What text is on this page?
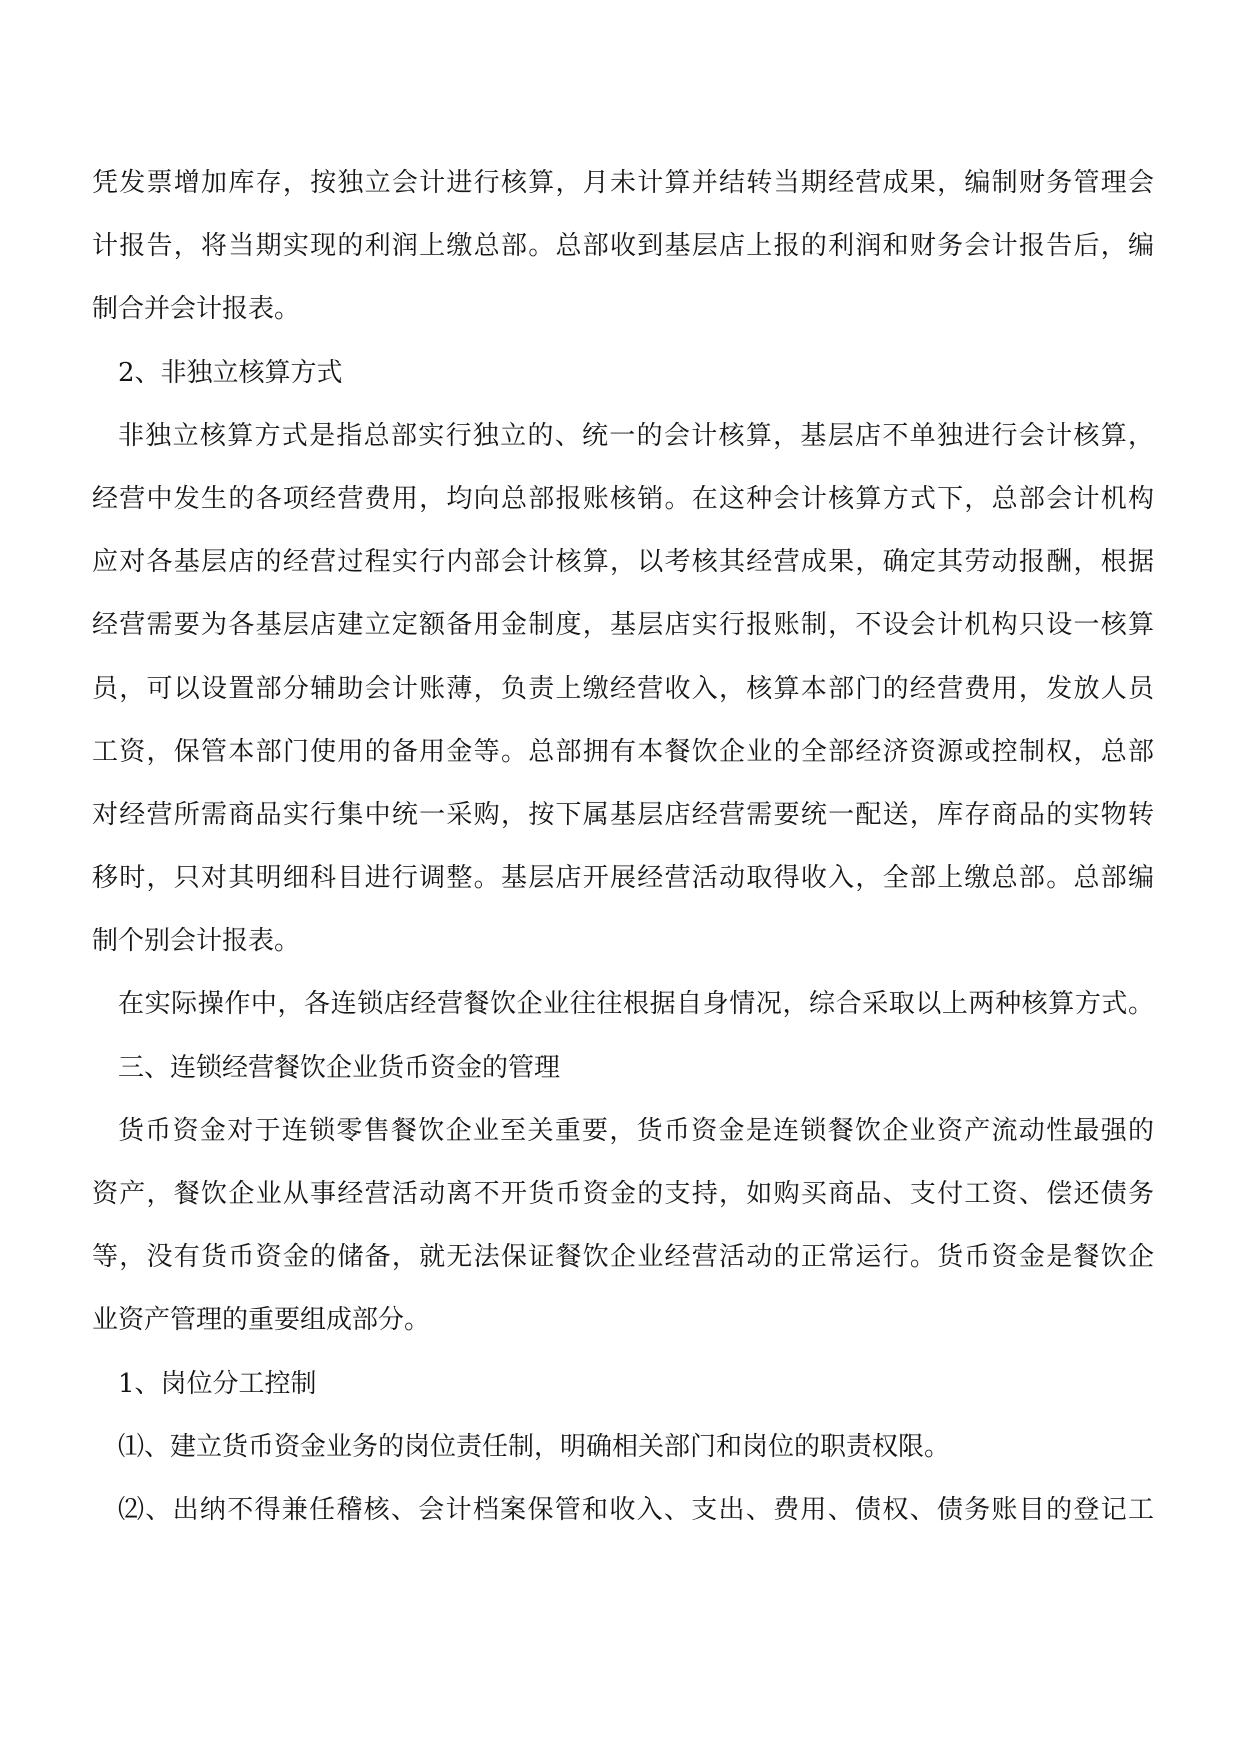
凭发票增加库存，按独立会计进行核算，月未计算并结转当期经营成果，编制财务管理会
计报告，将当期实现的利润上缴总部。总部收到基层店上报的利润和财务会计报告后，编
制合并会计报表。
2、非独立核算方式
非独立核算方式是指总部实行独立的、统一的会计核算，基层店不单独进行会计核算，
经营中发生的各项经营费用，均向总部报账核销。在这种会计核算方式下，总部会计机构
应对各基层店的经营过程实行内部会计核算，以考核其经营成果，确定其劳动报酬，根据
经营需要为各基层店建立定额备用金制度，基层店实行报账制，不设会计机构只设一核算
员，可以设置部分辅助会计账薄，负责上缴经营收入，核算本部门的经营费用，发放人员
工资，保管本部门使用的备用金等。总部拥有本餐饮企业的全部经济资源或控制权，总部
对经营所需商品实行集中统一采购，按下属基层店经营需要统一配送，库存商品的实物转
移时，只对其明细科目进行调整。基层店开展经营活动取得收入，全部上缴总部。总部编
制个别会计报表。
在实际操作中，各连锁店经营餐饮企业往往根据自身情况，综合采取以上两种核算方式。
三、连锁经营餐饮企业货币资金的管理
货币资金对于连锁零售餐饮企业至关重要，货币资金是连锁餐饮企业资产流动性最强的
资产，餐饮企业从事经营活动离不开货币资金的支持，如购买商品、支付工资、偿还债务
等，没有货币资金的储备，就无法保证餐饮企业经营活动的正常运行。货币资金是餐饮企
业资产管理的重要组成部分。
1、岗位分工控制
⑴、建立货币资金业务的岗位责任制，明确相关部门和岗位的职责权限。
⑵、出纳不得兼任稽核、会计档案保管和收入、支出、费用、债权、债务账目的登记工
